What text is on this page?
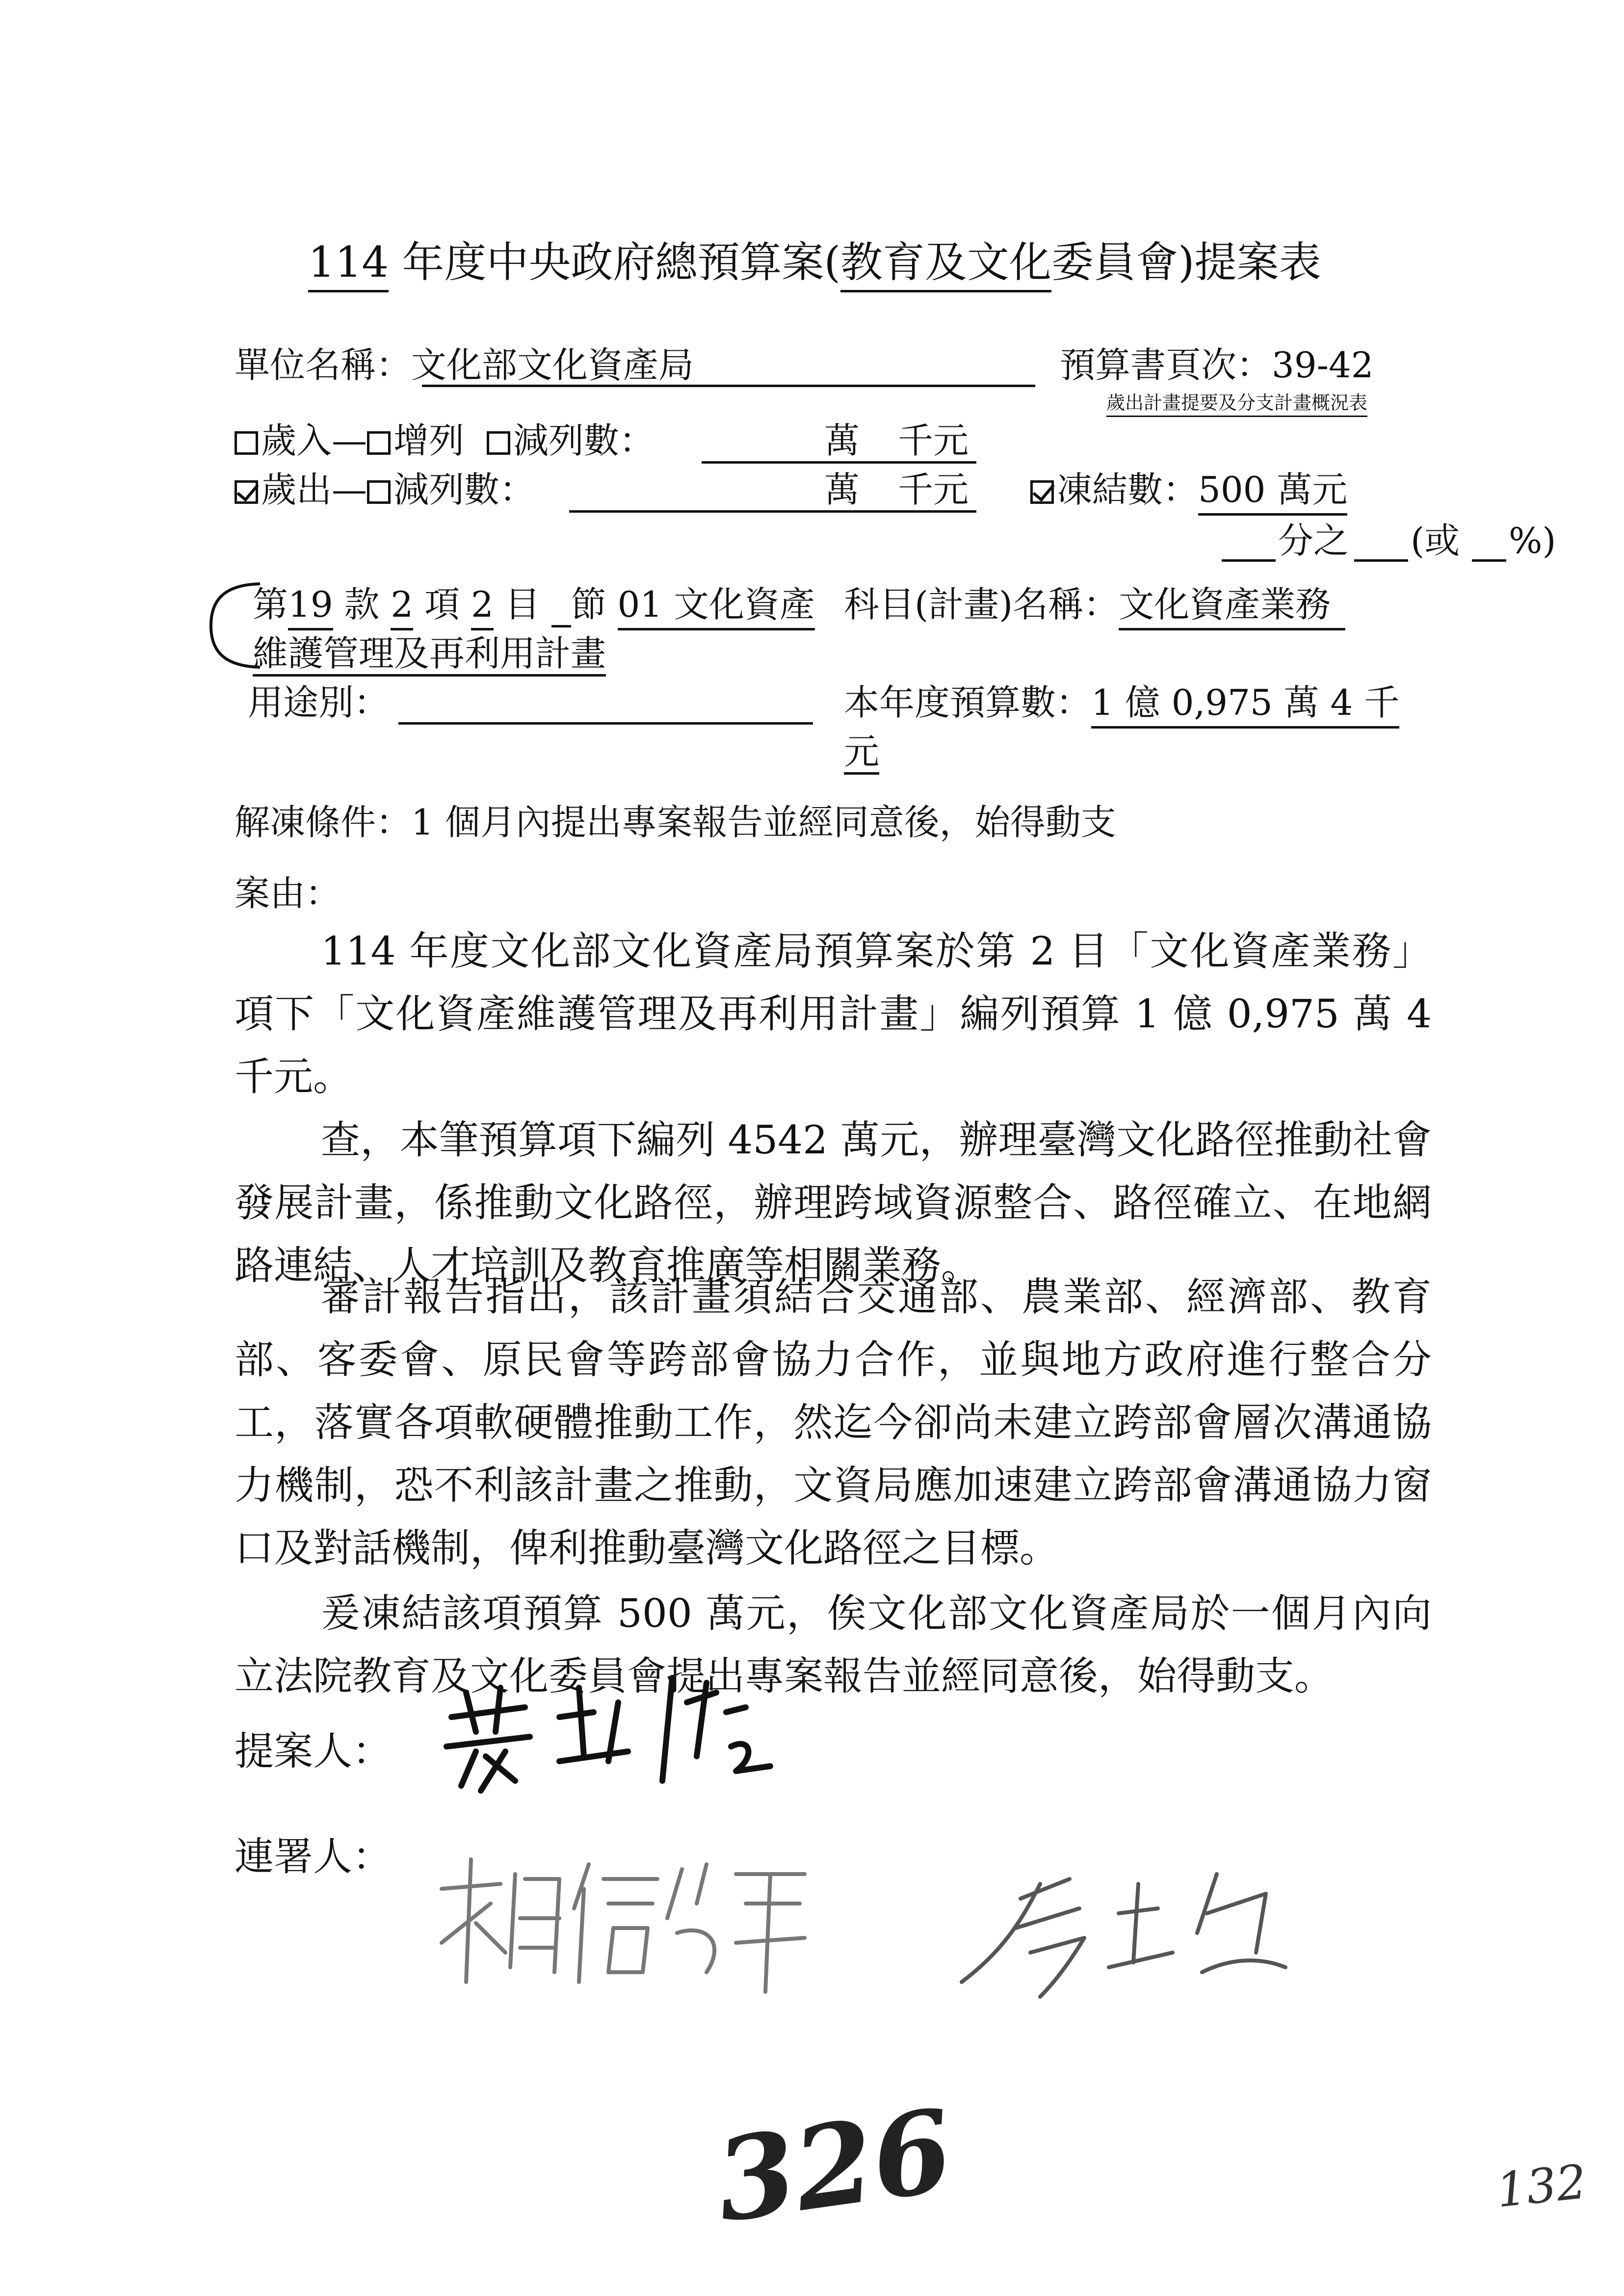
114 年度中央政府總預算案(教育及文化委員會)提案表
單位名稱：文化部文化資產局	預算書頁次：39-42
歲出計畫提要及分支計畫概況表
歲入— 增列 減列數：	萬 千元
歲出— 減列數：	萬 千元	凍結數：500 萬元
分之 (或 %)
第19 款 2 項 2 目  節 01 文化資產
維護管理及再利用計畫
科目(計畫)名稱：文化資產業務
用途別：	本年度預算數：1 億 0,975 萬 4 千
元
解凍條件：1 個月內提出專案報告並經同意後，始得動支
案由：
114 年度文化部文化資產局預算案於第 2 目「文化資產業務」項下「文化資產維護管理及再利用計畫」編列預算 1 億 0,975 萬 4 千元。
查，本筆預算項下編列 4542 萬元，辦理臺灣文化路徑推動社會發展計畫，係推動文化路徑，辦理跨域資源整合、路徑確立、在地網路連結、人才培訓及教育推廣等相關業務。
審計報告指出，該計畫須結合交通部、農業部、經濟部、教育部、客委會、原民會等跨部會協力合作，並與地方政府進行整合分工，落實各項軟硬體推動工作，然迄今卻尚未建立跨部會層次溝通協力機制，恐不利該計畫之推動，文資局應加速建立跨部會溝通協力窗口及對話機制，俾利推動臺灣文化路徑之目標。
爰凍結該項預算 500 萬元，俟文化部文化資產局於一個月內向立法院教育及文化委員會提出專案報告並經同意後，始得動支。
提案人：
連署人：
326	132
